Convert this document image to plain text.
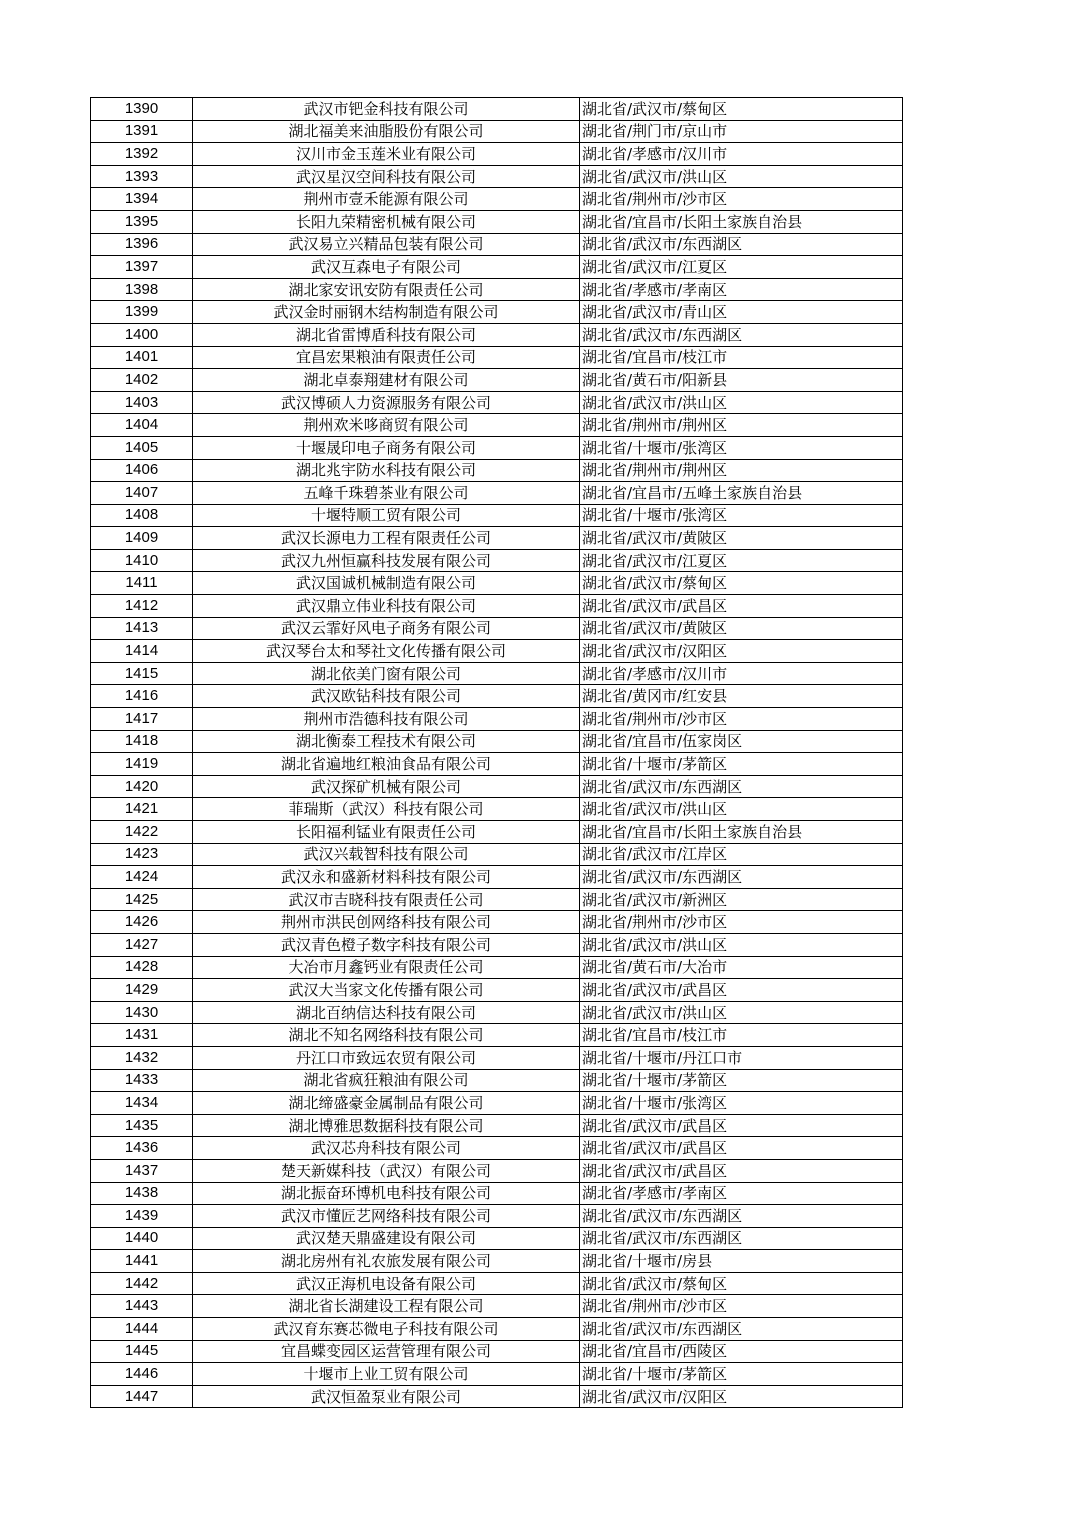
1390	武汉市钯金科技有限公司	湖北省/武汉市/蔡甸区
1391	湖北福美来油脂股份有限公司	湖北省/荆门市/京山市
1392	汉川市金玉莲米业有限公司	湖北省/孝感市/汉川市
1393	武汉星汉空间科技有限公司	湖北省/武汉市/洪山区
1394	荆州市壹禾能源有限公司	湖北省/荆州市/沙市区
1395	长阳九荣精密机械有限公司	湖北省/宜昌市/长阳土家族自治县
1396	武汉易立兴精品包装有限公司	湖北省/武汉市/东西湖区
1397	武汉互森电子有限公司	湖北省/武汉市/江夏区
1398	湖北家安讯安防有限责任公司	湖北省/孝感市/孝南区
1399	武汉金时丽钢木结构制造有限公司	湖北省/武汉市/青山区
1400	湖北省雷博盾科技有限公司	湖北省/武汉市/东西湖区
1401	宜昌宏果粮油有限责任公司	湖北省/宜昌市/枝江市
1402	湖北卓泰翔建材有限公司	湖北省/黄石市/阳新县
1403	武汉博硕人力资源服务有限公司	湖北省/武汉市/洪山区
1404	荆州欢米哆商贸有限公司	湖北省/荆州市/荆州区
1405	十堰晟印电子商务有限公司	湖北省/十堰市/张湾区
1406	湖北兆宇防水科技有限公司	湖北省/荆州市/荆州区
1407	五峰千珠碧茶业有限公司	湖北省/宜昌市/五峰土家族自治县
1408	十堰特顺工贸有限公司	湖北省/十堰市/张湾区
1409	武汉长源电力工程有限责任公司	湖北省/武汉市/黄陂区
1410	武汉九州恒赢科技发展有限公司	湖北省/武汉市/江夏区
1411	武汉国诚机械制造有限公司	湖北省/武汉市/蔡甸区
1412	武汉鼎立伟业科技有限公司	湖北省/武汉市/武昌区
1413	武汉云霏好风电子商务有限公司	湖北省/武汉市/黄陂区
1414	武汉琴台太和琴社文化传播有限公司	湖北省/武汉市/汉阳区
1415	湖北依美门窗有限公司	湖北省/孝感市/汉川市
1416	武汉欧钻科技有限公司	湖北省/黄冈市/红安县
1417	荆州市浩德科技有限公司	湖北省/荆州市/沙市区
1418	湖北衡泰工程技术有限公司	湖北省/宜昌市/伍家岗区
1419	湖北省遍地红粮油食品有限公司	湖北省/十堰市/茅箭区
1420	武汉探矿机械有限公司	湖北省/武汉市/东西湖区
1421	菲瑞斯（武汉）科技有限公司	湖北省/武汉市/洪山区
1422	长阳福利锰业有限责任公司	湖北省/宜昌市/长阳土家族自治县
1423	武汉兴载智科技有限公司	湖北省/武汉市/江岸区
1424	武汉永和盛新材料科技有限公司	湖北省/武汉市/东西湖区
1425	武汉市吉晓科技有限责任公司	湖北省/武汉市/新洲区
1426	荆州市洪民创网络科技有限公司	湖北省/荆州市/沙市区
1427	武汉青色橙子数字科技有限公司	湖北省/武汉市/洪山区
1428	大冶市月鑫钙业有限责任公司	湖北省/黄石市/大冶市
1429	武汉大当家文化传播有限公司	湖北省/武汉市/武昌区
1430	湖北百纳信达科技有限公司	湖北省/武汉市/洪山区
1431	湖北不知名网络科技有限公司	湖北省/宜昌市/枝江市
1432	丹江口市致远农贸有限公司	湖北省/十堰市/丹江口市
1433	湖北省疯狂粮油有限公司	湖北省/十堰市/茅箭区
1434	湖北缔盛豪金属制品有限公司	湖北省/十堰市/张湾区
1435	湖北博雅思数据科技有限公司	湖北省/武汉市/武昌区
1436	武汉芯舟科技有限公司	湖北省/武汉市/武昌区
1437	楚天新媒科技（武汉）有限公司	湖北省/武汉市/武昌区
1438	湖北振奋环博机电科技有限公司	湖北省/孝感市/孝南区
1439	武汉市懂匠艺网络科技有限公司	湖北省/武汉市/东西湖区
1440	武汉楚天鼎盛建设有限公司	湖北省/武汉市/东西湖区
1441	湖北房州有礼农旅发展有限公司	湖北省/十堰市/房县
1442	武汉正海机电设备有限公司	湖北省/武汉市/蔡甸区
1443	湖北省长湖建设工程有限公司	湖北省/荆州市/沙市区
1444	武汉育东赛芯微电子科技有限公司	湖北省/武汉市/东西湖区
1445	宜昌蝶变园区运营管理有限公司	湖北省/宜昌市/西陵区
1446	十堰市上业工贸有限公司	湖北省/十堰市/茅箭区
1447	武汉恒盈泵业有限公司	湖北省/武汉市/汉阳区
